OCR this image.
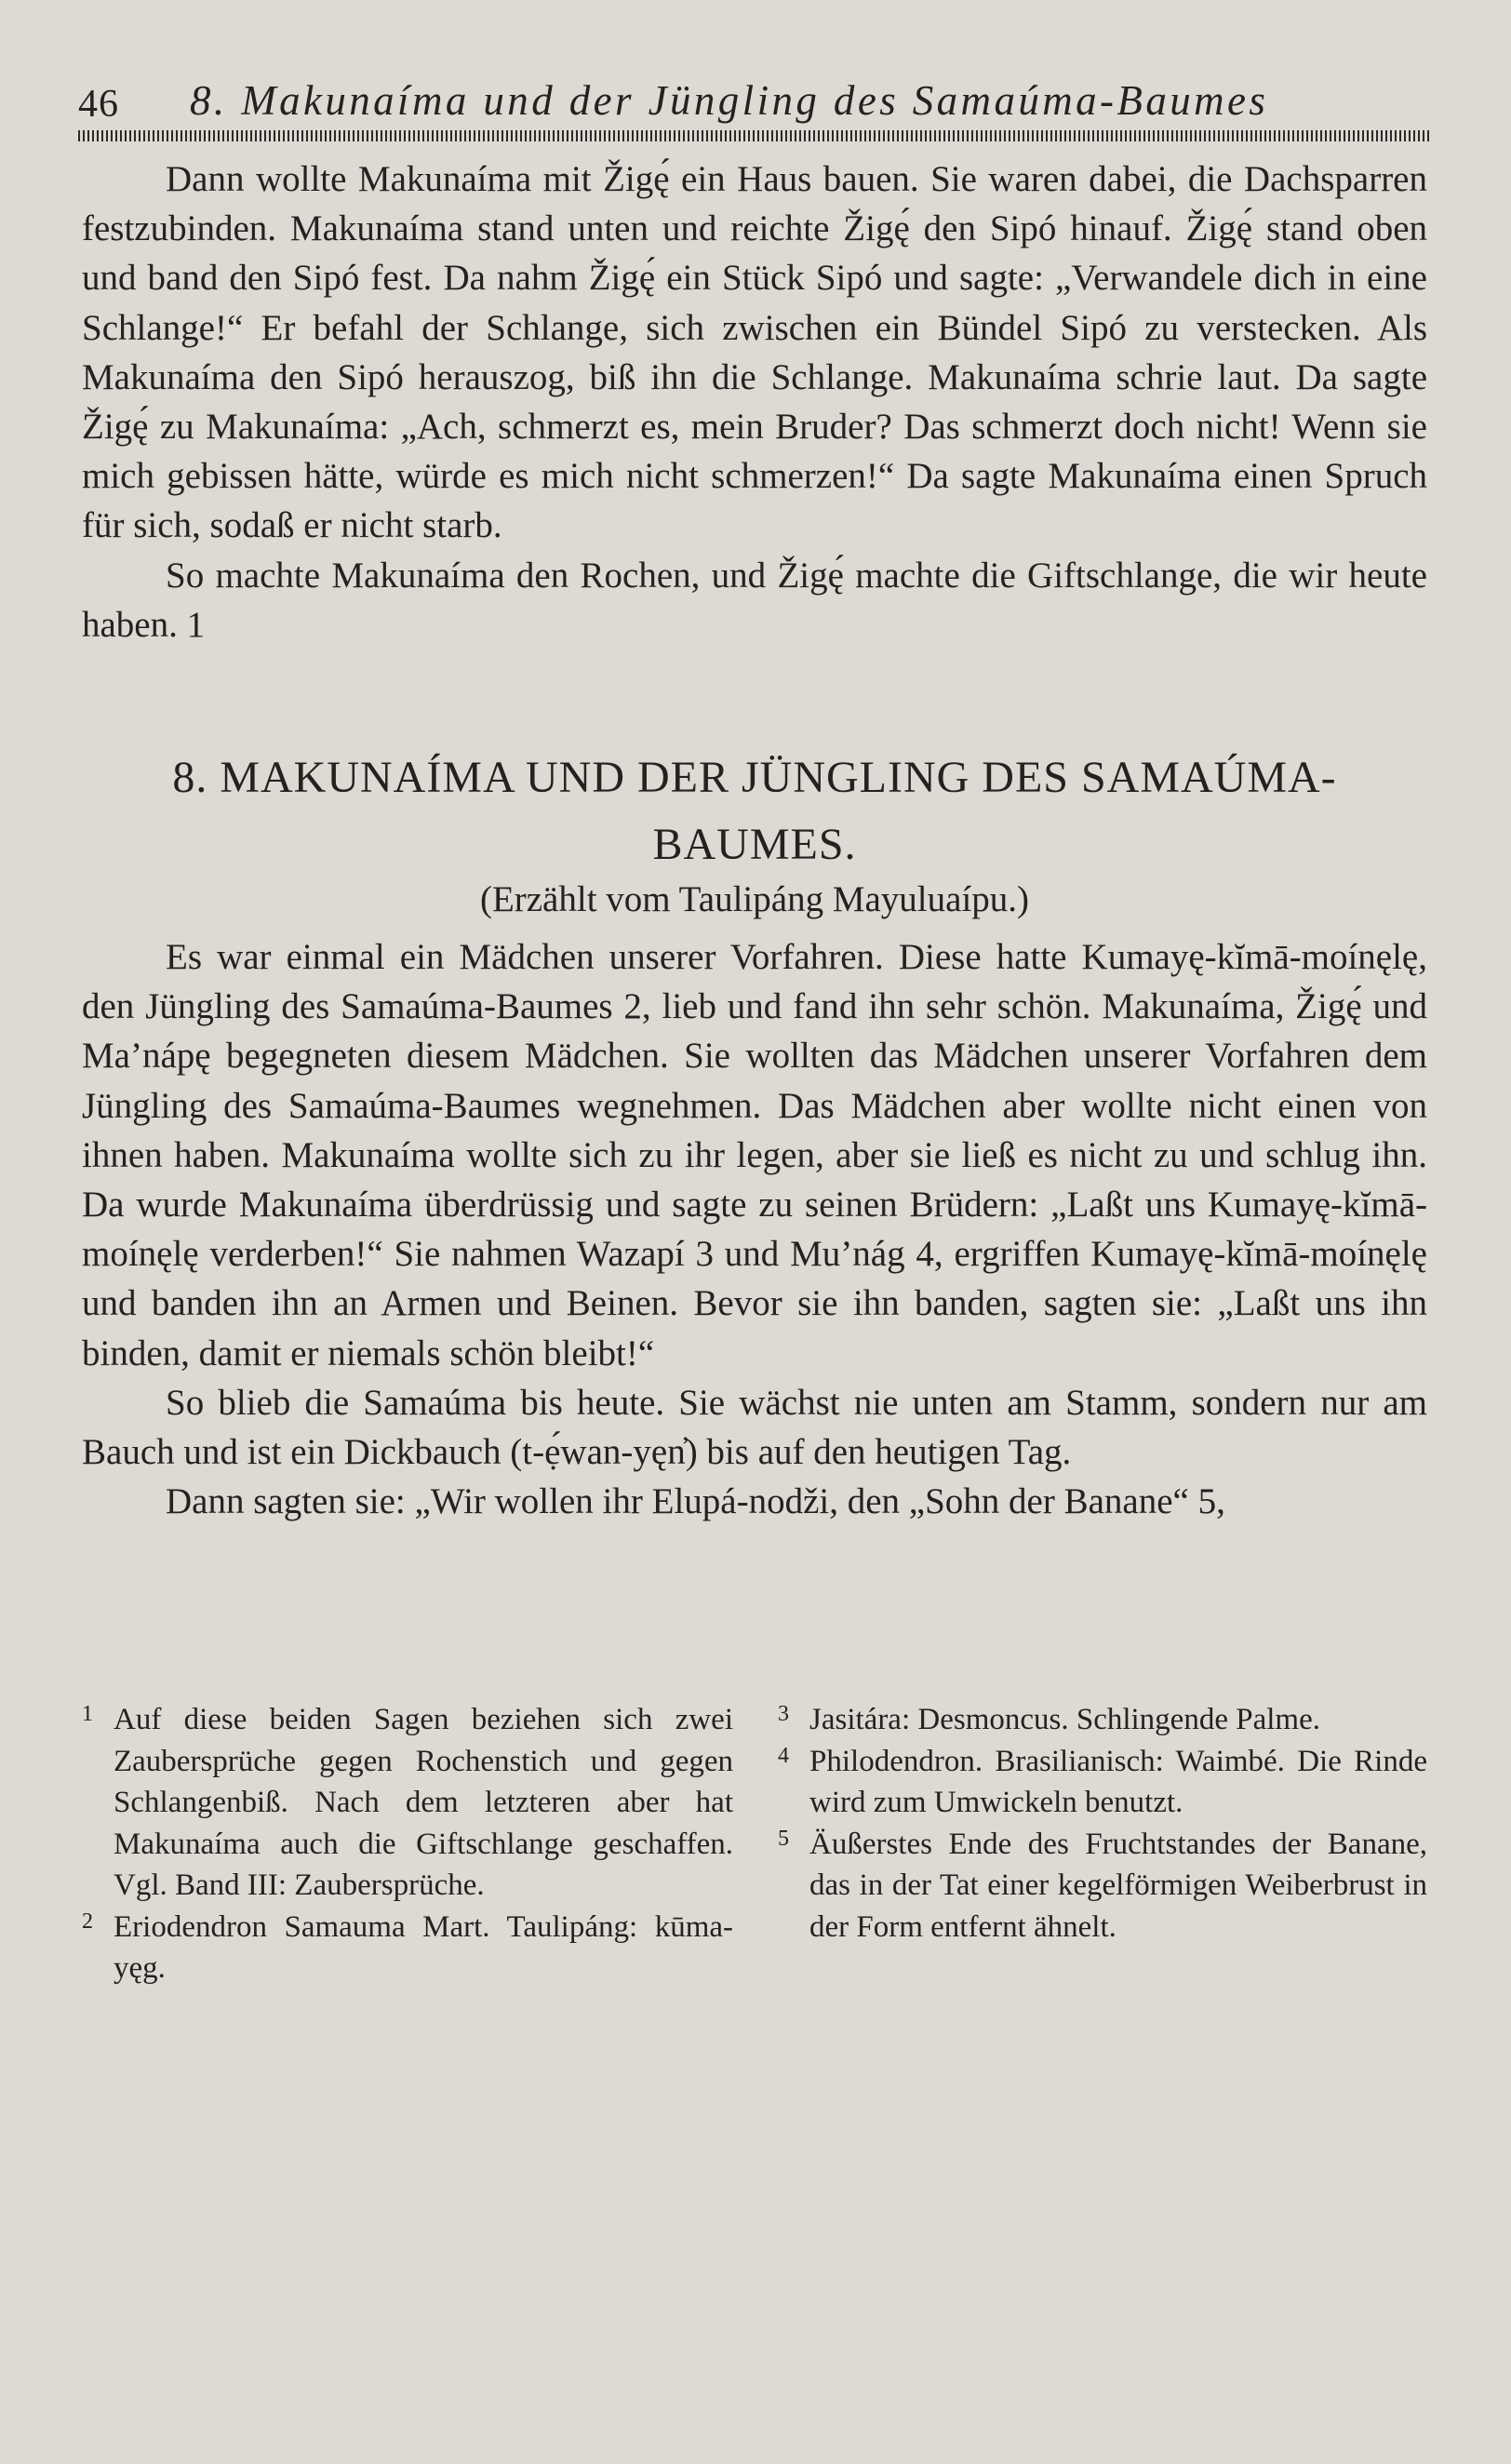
46 8. Makunaíma und der Jüngling des Samaúma-Baumes

Dann wollte Makunaíma mit Žigę́ ein Haus bauen. Sie waren dabei, die Dachsparren festzubinden. Makunaíma stand unten und reichte Žigę́ den Sipó hinauf. Žigę́ stand oben und band den Sipó fest. Da nahm Žigę́ ein Stück Sipó und sagte: „Verwandele dich in eine Schlange!“ Er befahl der Schlange, sich zwischen ein Bündel Sipó zu verstecken. Als Makunaíma den Sipó herauszog, biß ihn die Schlange. Makunaíma schrie laut. Da sagte Žigę́ zu Makunaíma: „Ach, schmerzt es, mein Bruder? Das schmerzt doch nicht! Wenn sie mich gebissen hätte, würde es mich nicht schmerzen!“ Da sagte Makunaíma einen Spruch für sich, sodaß er nicht starb.

So machte Makunaíma den Rochen, und Žigę́ machte die Giftschlange, die wir heute haben. 1

8. MAKUNAÍMA UND DER JÜNGLING DES SAMAÚMA-BAUMES.
(Erzählt vom Taulipáng Mayuluaípu.)

Es war einmal ein Mädchen unserer Vorfahren. Diese hatte Kumayę-kĭmā-moínęlę, den Jüngling des Samaúma-Baumes 2, lieb und fand ihn sehr schön. Makunaíma, Žigę́ und Ma’nápę begegneten diesem Mädchen. Sie wollten das Mädchen unserer Vorfahren dem Jüngling des Samaúma-Baumes wegnehmen. Das Mädchen aber wollte nicht einen von ihnen haben. Makunaíma wollte sich zu ihr legen, aber sie ließ es nicht zu und schlug ihn. Da wurde Makunaíma überdrüssig und sagte zu seinen Brüdern: „Laßt uns Kumayę-kĭmā-moínęlę verderben!“ Sie nahmen Wazapí 3 und Mu’nág 4, ergriffen Kumayę-kĭmā-moínęlę und banden ihn an Armen und Beinen. Bevor sie ihn banden, sagten sie: „Laßt uns ihn binden, damit er niemals schön bleibt!“

So blieb die Samaúma bis heute. Sie wächst nie unten am Stamm, sondern nur am Bauch und ist ein Dickbauch (t-ẹ́wan-yęn̓) bis auf den heutigen Tag.

Dann sagten sie: „Wir wollen ihr Elupá-nodži, den „Sohn der Banane“ 5,

1 Auf diese beiden Sagen beziehen sich zwei Zaubersprüche gegen Rochenstich und gegen Schlangenbiß. Nach dem letzteren aber hat Makunaíma auch die Giftschlange geschaffen. Vgl. Band III: Zaubersprüche.
2 Eriodendron Samauma Mart. Taulipáng: kūma-yęg.
3 Jasitára: Desmoncus. Schlingende Palme.
4 Philodendron. Brasilianisch: Waimbé. Die Rinde wird zum Umwickeln benutzt.
5 Äußerstes Ende des Fruchtstandes der Banane, das in der Tat einer kegelförmigen Weiberbrust in der Form entfernt ähnelt.
